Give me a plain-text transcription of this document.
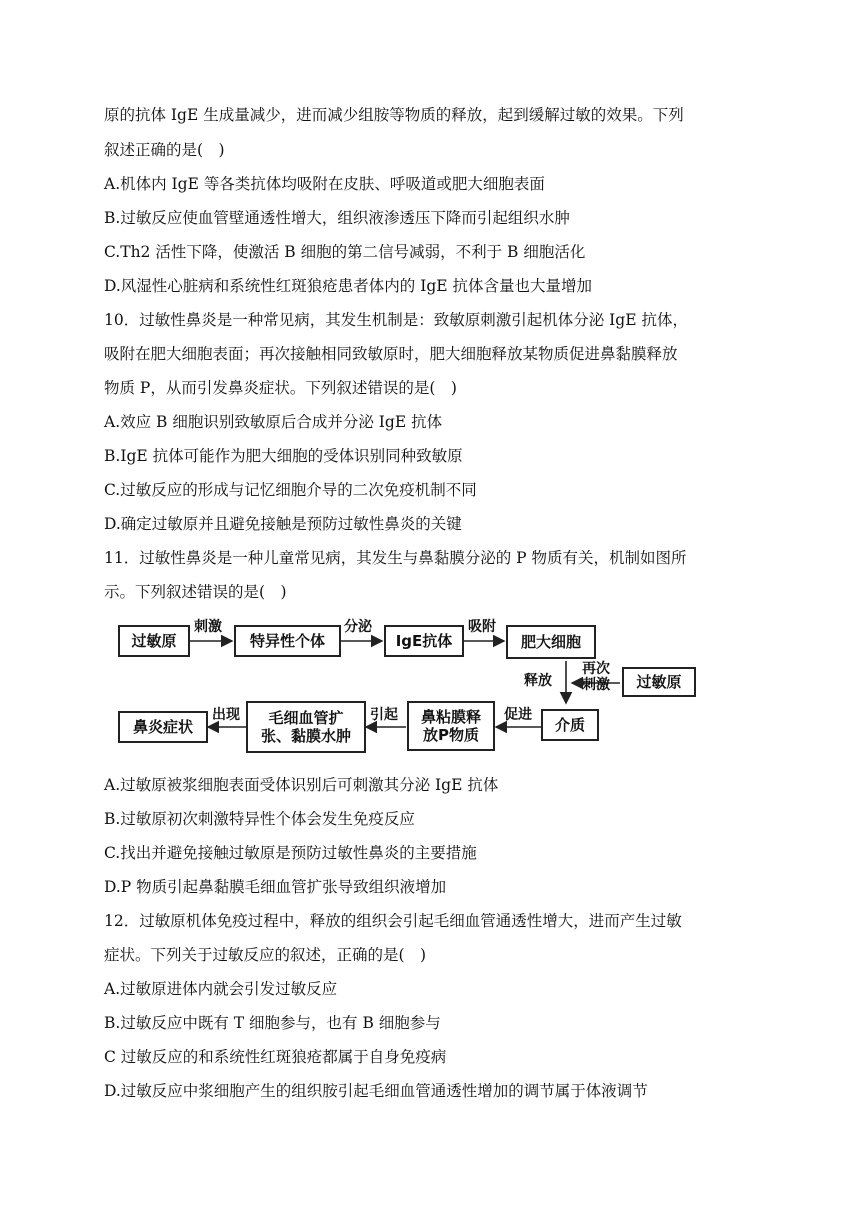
原的抗体 IgE 生成量减少，进而减少组胺等物质的释放，起到缓解过敏的效果。下列
叙述正确的是(　)
A.机体内 IgE 等各类抗体均吸附在皮肤、呼吸道或肥大细胞表面
B.过敏反应使血管壁通透性增大，组织液渗透压下降而引起组织水肿
C.Th2 活性下降，使激活 B 细胞的第二信号减弱，不利于 B 细胞活化
D.风湿性心脏病和系统性红斑狼疮患者体内的 IgE 抗体含量也大量增加
10．过敏性鼻炎是一种常见病，其发生机制是：致敏原刺激引起机体分泌 IgE 抗体，
吸附在肥大细胞表面；再次接触相同致敏原时，肥大细胞释放某物质促进鼻黏膜释放
物质 P，从而引发鼻炎症状。下列叙述错误的是(　)
A.效应 B 细胞识别致敏原后合成并分泌 IgE 抗体
B.IgE 抗体可能作为肥大细胞的受体识别同种致敏原
C.过敏反应的形成与记忆细胞介导的二次免疫机制不同
D.确定过敏原并且避免接触是预防过敏性鼻炎的关键
11．过敏性鼻炎是一种儿童常见病，其发生与鼻黏膜分泌的 P 物质有关，机制如图所
示。下列叙述错误的是(　)
A.过敏原被浆细胞表面受体识别后可刺激其分泌 IgE 抗体
B.过敏原初次刺激特异性个体会发生免疫反应
C.找出并避免接触过敏原是预防过敏性鼻炎的主要措施
D.P 物质引起鼻黏膜毛细血管扩张导致组织液增加
12．过敏原机体免疫过程中，释放的组织会引起毛细血管通透性增大，进而产生过敏
症状。下列关于过敏反应的叙述，正确的是(　)
A.过敏原进体内就会引发过敏反应
B.过敏反应中既有 T 细胞参与，也有 B 细胞参与
C 过敏反应的和系统性红斑狼疮都属于自身免疫病
D.过敏反应中浆细胞产生的组织胺引起毛细血管通透性增加的调节属于体液调节
过敏原	特异性个体	IgE抗体	肥大细胞
过敏原
介质
鼻粘膜释放P物质
毛细血管扩张、黏膜水肿
鼻炎症状
刺激	分泌	吸附
释放
再次刺激
促进
引起
出现
